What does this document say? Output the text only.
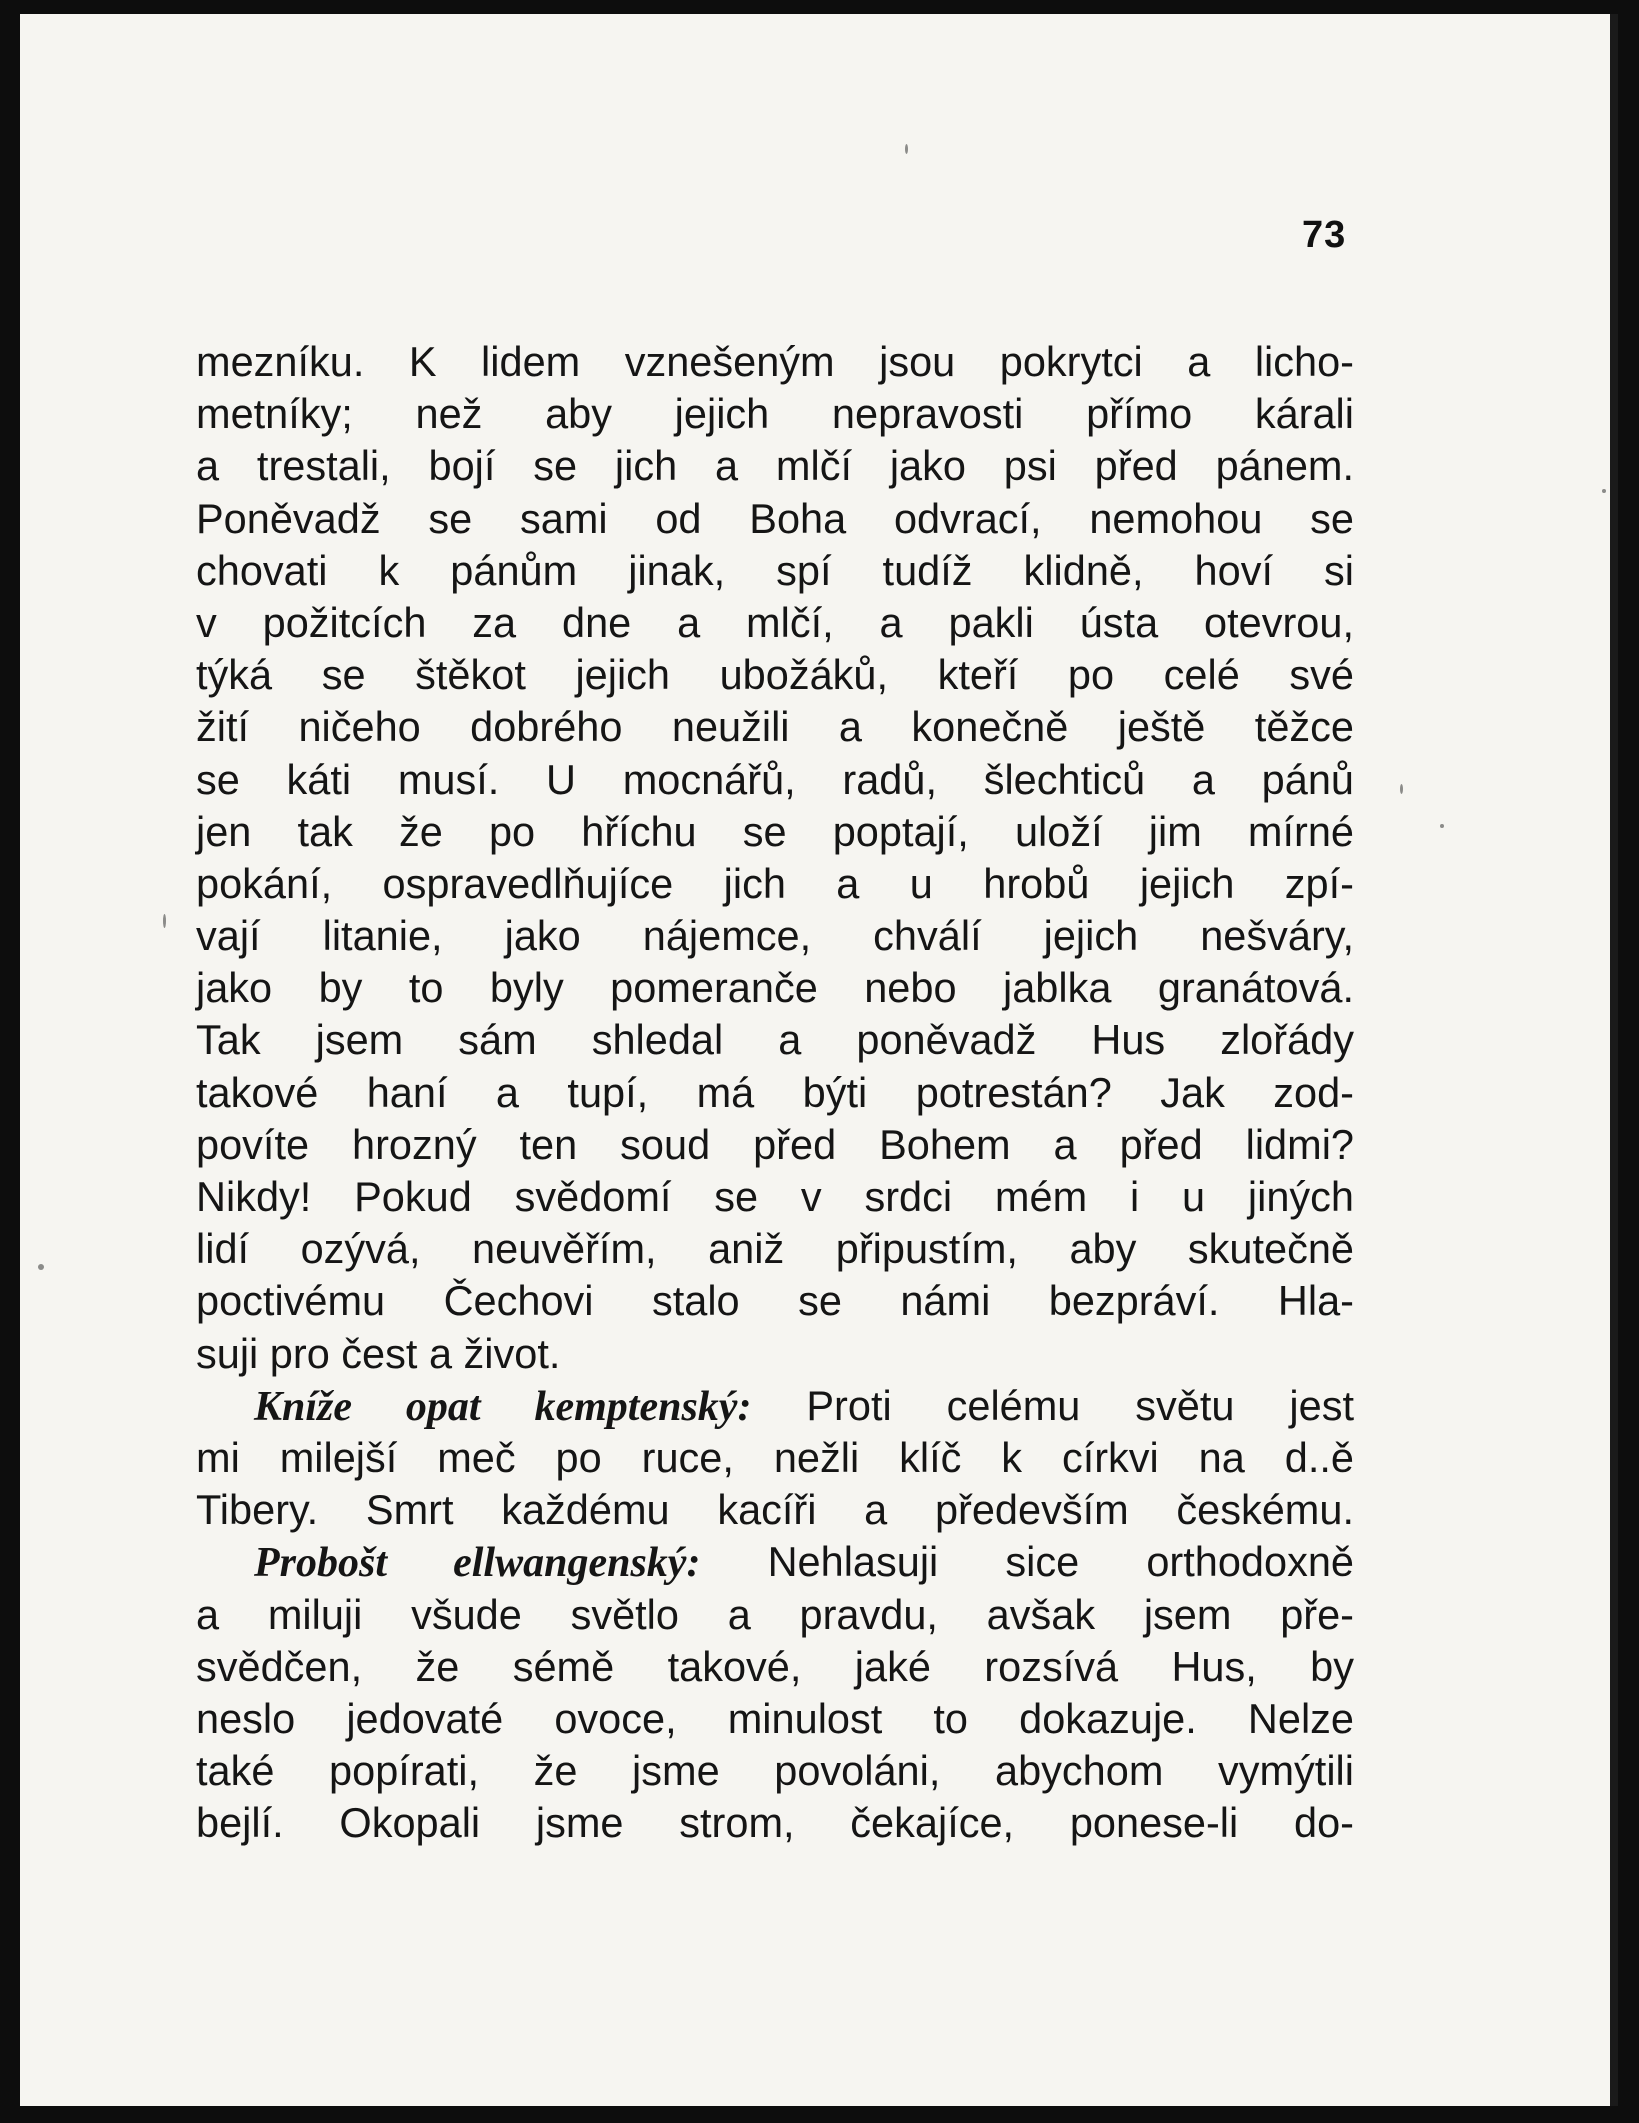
73
mezníku. K lidem vznešeným jsou pokrytci a licho-
metníky; než aby jejich nepravosti přímo kárali
a trestali, bojí se jich a mlčí jako psi před pánem.
Poněvadž se sami od Boha odvrací, nemohou se
chovati k pánům jinak, spí tudíž klidně, hoví si
v požitcích za dne a mlčí, a pakli ústa otevrou,
týká se štěkot jejich ubožáků, kteří po celé své
žití ničeho dobrého neužili a konečně ještě těžce
se káti musí. U mocnářů, radů, šlechticů a pánů
jen tak že po hříchu se poptají, uloží jim mírné
pokání, ospravedlňujíce jich a u hrobů jejich zpí-
vají litanie, jako nájemce, chválí jejich nešváry,
jako by to byly pomeranče nebo jablka granátová.
Tak jsem sám shledal a poněvadž Hus zlořády
takové haní a tupí, má býti potrestán? Jak zod-
povíte hrozný ten soud před Bohem a před lidmi?
Nikdy! Pokud svědomí se v srdci mém i u jiných
lidí ozývá, neuvěřím, aniž připustím, aby skutečně
poctivému Čechovi stalo se námi bezpráví. Hla-
suji pro čest a život.
Kníže opat kemptenský: Proti celému světu jest
mi milejší meč po ruce, nežli klíč k církvi na d..ě
Tibery. Smrt každému kacíři a především českému.
Probošt ellwangenský: Nehlasuji sice orthodoxně
a miluji všude světlo a pravdu, avšak jsem pře-
svědčen, že sémě takové, jaké rozsívá Hus, by
neslo jedovaté ovoce, minulost to dokazuje. Nelze
také popírati, že jsme povoláni, abychom vymýtili
bejlí. Okopali jsme strom, čekajíce, ponese-li do-
